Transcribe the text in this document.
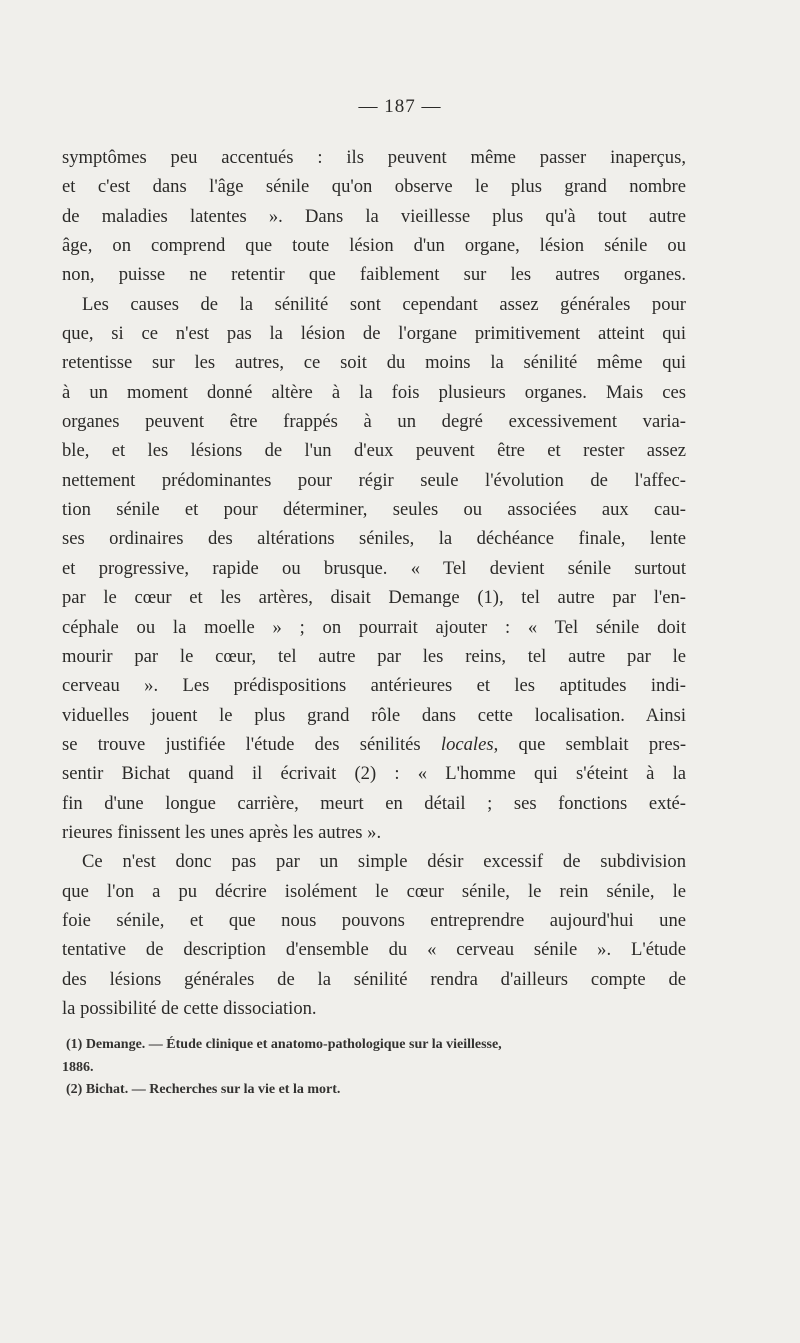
— 187 —
symptômes peu accentués : ils peuvent même passer inaperçus,
et c'est dans l'âge sénile qu'on observe le plus grand nombre
de maladies latentes ». Dans la vieillesse plus qu'à tout autre
âge, on comprend que toute lésion d'un organe, lésion sénile ou
non, puisse ne retentir que faiblement sur les autres organes.
Les causes de la sénilité sont cependant assez générales pour
que, si ce n'est pas la lésion de l'organe primitivement atteint qui
retentisse sur les autres, ce soit du moins la sénilité même qui
à un moment donné altère à la fois plusieurs organes. Mais ces
organes peuvent être frappés à un degré excessivement varia-
ble, et les lésions de l'un d'eux peuvent être et rester assez
nettement prédominantes pour régir seule l'évolution de l'affec-
tion sénile et pour déterminer, seules ou associées aux cau-
ses ordinaires des altérations séniles, la déchéance finale, lente
et progressive, rapide ou brusque. « Tel devient sénile surtout
par le cœur et les artères, disait Demange (1), tel autre par l'en-
céphale ou la moelle » ; on pourrait ajouter : « Tel sénile doit
mourir par le cœur, tel autre par les reins, tel autre par le
cerveau ». Les prédispositions antérieures et les aptitudes indi-
viduelles jouent le plus grand rôle dans cette localisation. Ainsi
se trouve justifiée l'étude des sénilités locales, que semblait pres-
sentir Bichat quand il écrivait (2) : « L'homme qui s'éteint à la
fin d'une longue carrière, meurt en détail ; ses fonctions exté-
rieures finissent les unes après les autres ».
Ce n'est donc pas par un simple désir excessif de subdivision
que l'on a pu décrire isolément le cœur sénile, le rein sénile, le
foie sénile, et que nous pouvons entreprendre aujourd'hui une
tentative de description d'ensemble du « cerveau sénile ». L'étude
des lésions générales de la sénilité rendra d'ailleurs compte de
la possibilité de cette dissociation.
(1) Demange. — Étude clinique et anatomo-pathologique sur la vieillesse,
1886.
(2) Bichat. — Recherches sur la vie et la mort.
